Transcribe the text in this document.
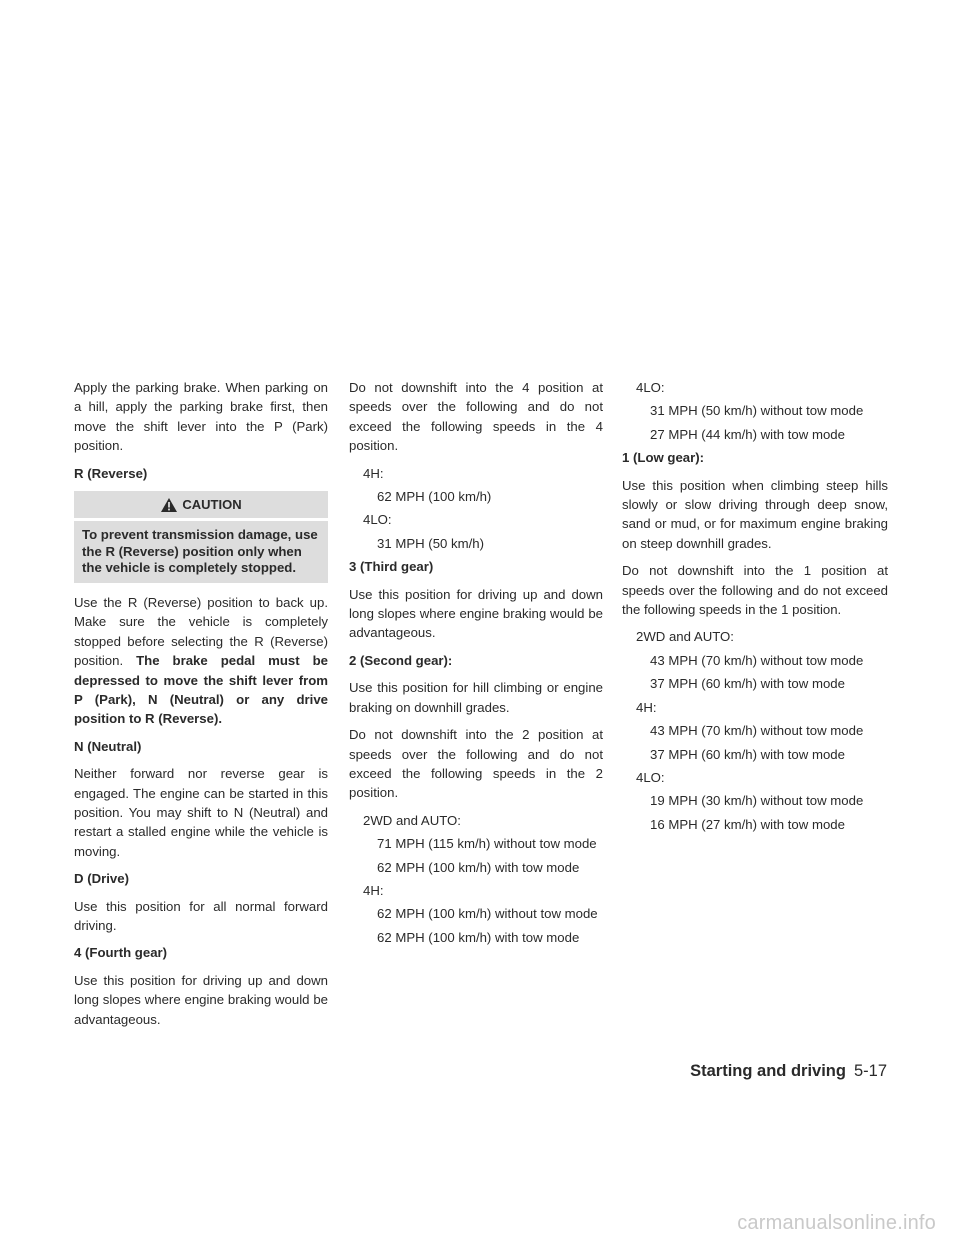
Apply the parking brake. When parking on a hill, apply the parking brake first, then move the shift lever into the P (Park) position.

R (Reverse)
CAUTION
To prevent transmission damage, use the R (Reverse) position only when the vehicle is completely stopped.

Use the R (Reverse) position to back up. Make sure the vehicle is completely stopped before selecting the R (Reverse) position. The brake pedal must be depressed to move the shift lever from P (Park), N (Neutral) or any drive position to R (Reverse).

N (Neutral)

Neither forward nor reverse gear is engaged. The engine can be started in this position. You may shift to N (Neutral) and restart a stalled engine while the vehicle is moving.

D (Drive)

Use this position for all normal forward driving.

4 (Fourth gear)

Use this position for driving up and down long slopes where engine braking would be advantageous.

Do not downshift into the 4 position at speeds over the following and do not exceed the following speeds in the 4 position.

4H:
62 MPH (100 km/h)
4LO:
31 MPH (50 km/h)
3 (Third gear)

Use this position for driving up and down long slopes where engine braking would be advantageous.

2 (Second gear):

Use this position for hill climbing or engine braking on downhill grades.

Do not downshift into the 2 position at speeds over the following and do not exceed the following speeds in the 2 position.

2WD and AUTO:
71 MPH (115 km/h) without tow mode
62 MPH (100 km/h) with tow mode
4H:
62 MPH (100 km/h) without tow mode
62 MPH (100 km/h) with tow mode
4LO:
31 MPH (50 km/h) without tow mode
27 MPH (44 km/h) with tow mode
1 (Low gear):

Use this position when climbing steep hills slowly or slow driving through deep snow, sand or mud, or for maximum engine braking on steep downhill grades.

Do not downshift into the 1 position at speeds over the following and do not exceed the following speeds in the 1 position.

2WD and AUTO:
43 MPH (70 km/h) without tow mode
37 MPH (60 km/h) with tow mode
4H:
43 MPH (70 km/h) without tow mode
37 MPH (60 km/h) with tow mode
4LO:
19 MPH (30 km/h) without tow mode
16 MPH (27 km/h) with tow mode
Starting and driving 5-17
carmanualsonline.info
